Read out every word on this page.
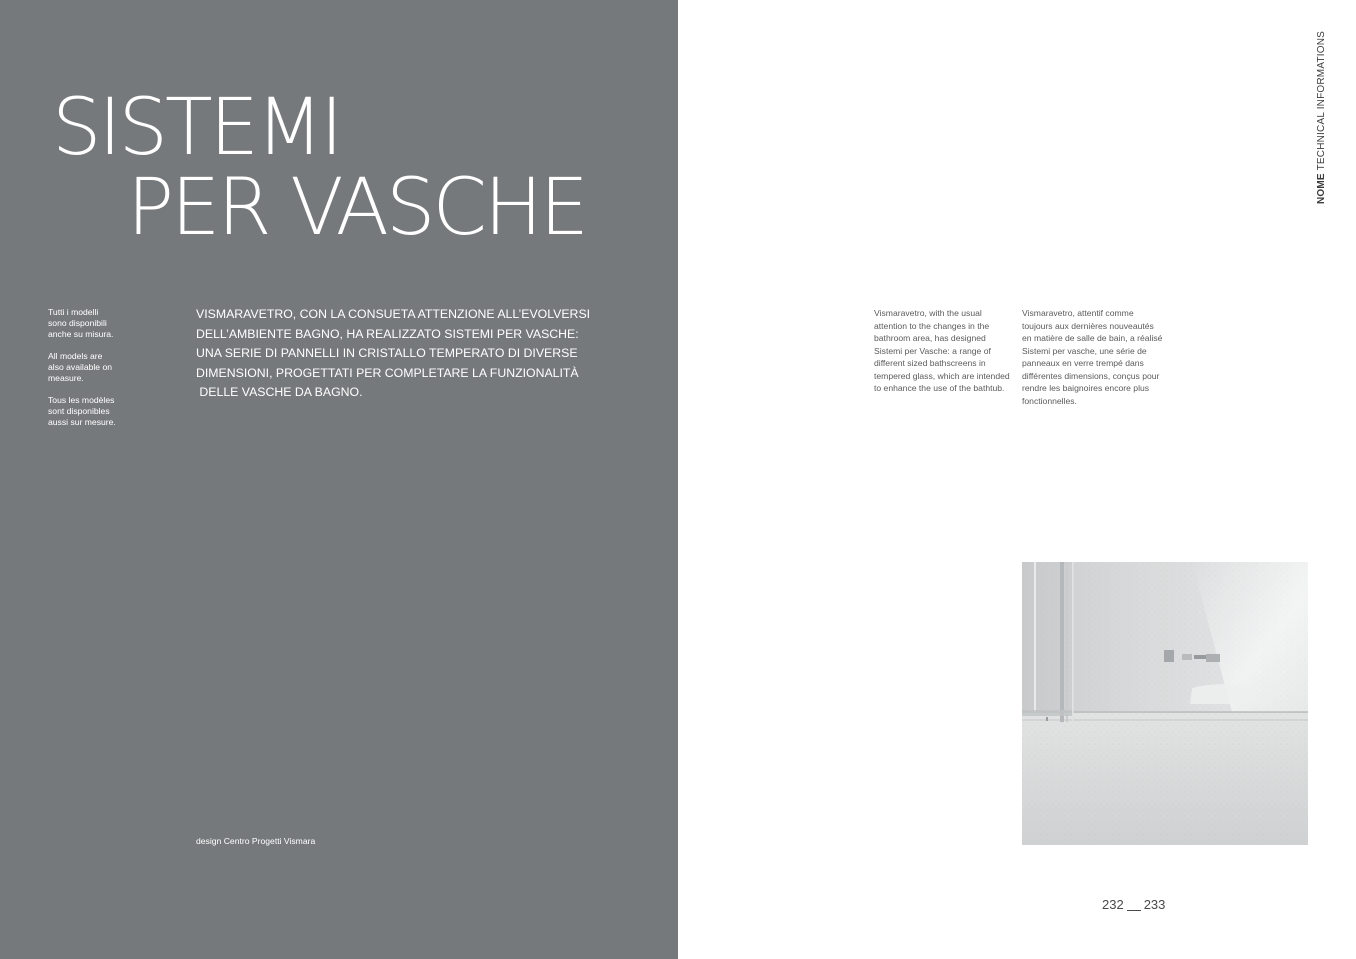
SISTEMI
PER VASCHE

Tutti i modelli
sono disponibili
anche su misura.

All models are
also available on
measure.

Tous les modèles
sont disponibles
aussi sur mesure.

VISMARAVETRO, CON LA CONSUETA ATTENZIONE ALL’EVOLVERSI
DELL’AMBIENTE BAGNO, HA REALIZZATO SISTEMI PER VASCHE:
UNA SERIE DI PANNELLI IN CRISTALLO TEMPERATO DI DIVERSE
DIMENSIONI, PROGETTATI PER COMPLETARE LA FUNZIONALITÀ
DELLE VASCHE DA BAGNO.
design Centro Progetti Vismara
NOME TECHNICAL INFORMATIONS
Vismaravetro, with the usual
attention to the changes in the
bathroom area, has designed
Sistemi per Vasche: a range of
different sized bathscreens in
tempered glass, which are intended
to enhance the use of the bathtub.
Vismaravetro, attentif comme
toujours aux dernières nouveautés
en matière de salle de bain, a réalisé
Sistemi per vasche, une série de
panneaux en verre trempé dans
différentes dimensions, conçus pour
rendre les baignoires encore plus
fonctionnelles.
232 233
